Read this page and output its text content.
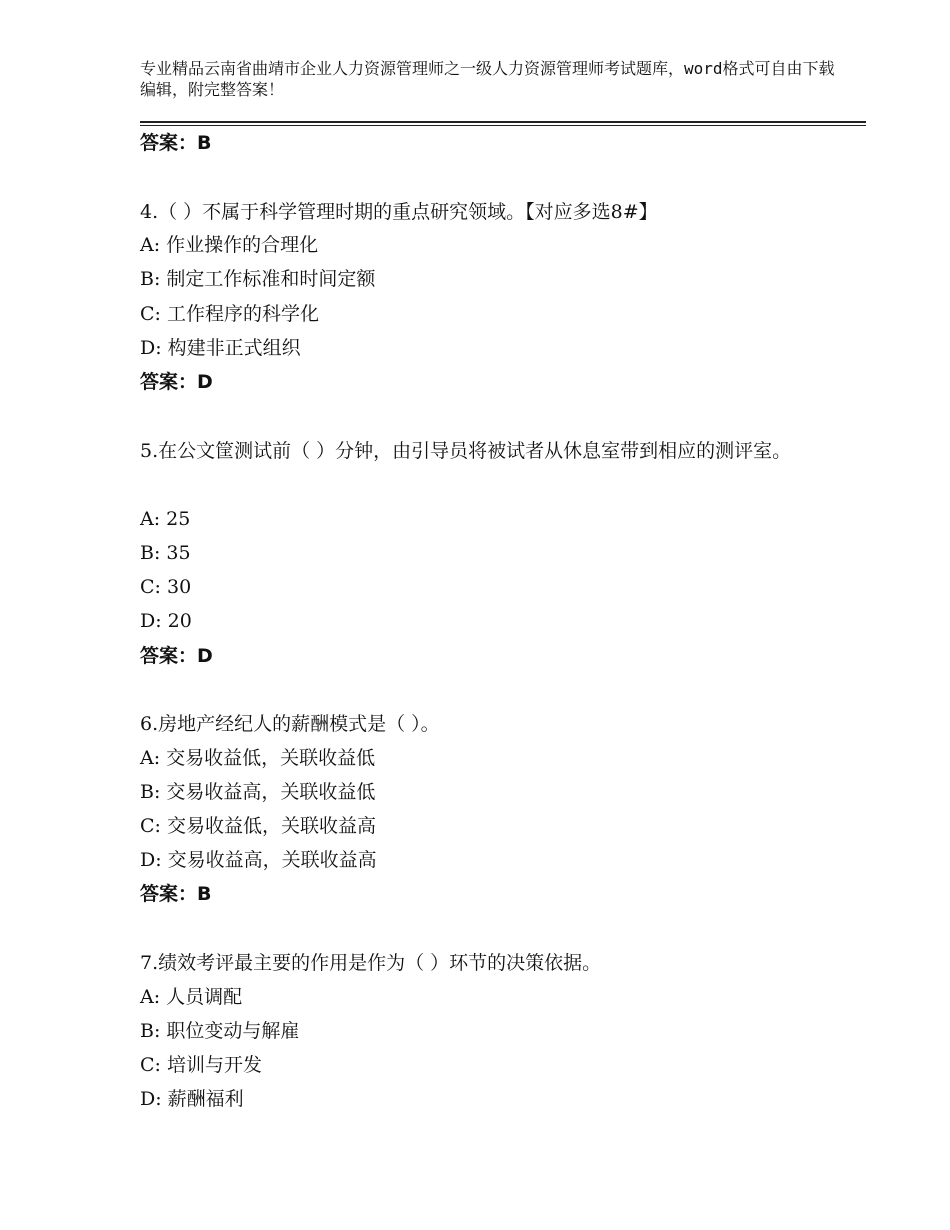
专业精品云南省曲靖市企业人力资源管理师之一级人力资源管理师考试题库，word格式可自由下载编辑，附完整答案！
答案：B
4.（ ）不属于科学管理时期的重点研究领域。【对应多选8#】
A: 作业操作的合理化
B: 制定工作标准和时间定额
C: 工作程序的科学化
D: 构建非正式组织
答案：D
5.在公文筐测试前（ ）分钟，由引导员将被试者从休息室带到相应的测评室。
A: 25
B: 35
C: 30
D: 20
答案：D
6.房地产经纪人的薪酬模式是（ ）。
A: 交易收益低，关联收益低
B: 交易收益高，关联收益低
C: 交易收益低，关联收益高
D: 交易收益高，关联收益高
答案：B
7.绩效考评最主要的作用是作为（ ）环节的决策依据。
A: 人员调配
B: 职位变动与解雇
C: 培训与开发
D: 薪酬福利
